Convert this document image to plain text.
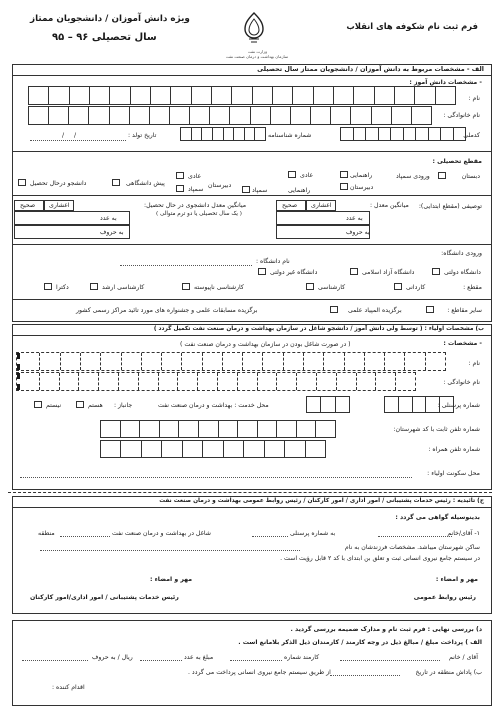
فرم ثبت نام شکوفه های انقلاب
وزارت نفت
سازمان بهداشت و درمان صنعت نفت
ویژه دانش آموزان / دانشجویان ممتاز
سال تحصیلی ۹۶ – ۹۵
الف - مشخصات مربوط به دانش آموزان / دانشجویان ممتاز سال تحصیلی
- مشخصات دانش آموز :
نام :
نام خانوادگی :
کدملی
شماره شناسنامه
تاریخ تولد :
/ /
مقطع تحصیلی :
دبستان
ورودی سمپاد
راهنمایی
دبیرستان
راهنمایی
عادی
سمپاد
دبیرستان
عادی
سمپاد
پیش دانشگاهی
دانشجو درحال تحصیل
توصیفی (مقطع ابتدایی):
میانگین معدل :
اعشاری
صحیح
به عدد
به حروف
میانگین معدل دانشجوی در حال تحصیل:
( یک سال تحصیلی یا دو ترم متوالی )
اعشاری
صحیح
به عدد
به حروف
ورودی دانشگاه:
نام دانشگاه :
دانشگاه دولتی
دانشگاه آزاد اسلامی
دانشگاه غیر دولتی
مقطع :
کاردانی
کارشناسی
کارشناسی ناپیوسته
کارشناسی ارشد
دکترا
سایر مقاطع :
برگزیده المپیاد علمی
برگزیده مسابقات علمی و جشنواره های مورد تائید مراکز رسمی کشور
ب) مشخصات اولیاء : ( توسط ولی دانش آموز / دانشجو شاغل در سازمان بهداشت و درمان صنعت نفت تکمیل گردد )
- مشخصات :
( در صورت شاغل بودن در سازمان بهداشت و درمان صنعت نفت )
نام :
نام خانوادگی :
شماره پرسنلی :
محل خدمت : بهداشت و درمان صنعت نفت
جانباز :
هستم
نیستم
شماره تلفن ثابت با کد شهرستان:
شماره تلفن همراه :
محل سکونت اولیاء :
ج) تائیدیه : رئیس خدمات پشتیبانی / امور اداری / امور کارکنان / رئیس روابط عمومی بهداشت و درمان صنعت نفت
بدینوسیله گواهی می گردد :
۱- آقای/خانم
به شماره پرسنلی
شاغل در بهداشت و درمان صنعت نفت
منطقه
ساکن شهرستان میباشد. مشخصات فرزندشان به نام
در سیستم جامع نیروی انسانی ثبت و تعلق بن ابتدای با کد ۲ قابل رؤیت است .
مهر و امضاء :
مهر و امضاء :
رئیس روابط عمومی
رئیس خدمات پشتیبانی / امور اداری/امور کارکنان
د) بررسی نهایی : فرم ثبت نام و مدارک ضمیمه بررسی گردید .
الف ) پرداخت مبلغ / مبالغ ذیل در وجه کارمند / کارمندان ذیل الذکر بلامانع است .
آقای / خانم
کارمند شماره
مبلغ به عدد
ریال / به حروف
ب) پاداش منطقه در تاریخ
از طریق سیستم جامع نیروی انسانی پرداخت می گردد .
اقدام کننده :
